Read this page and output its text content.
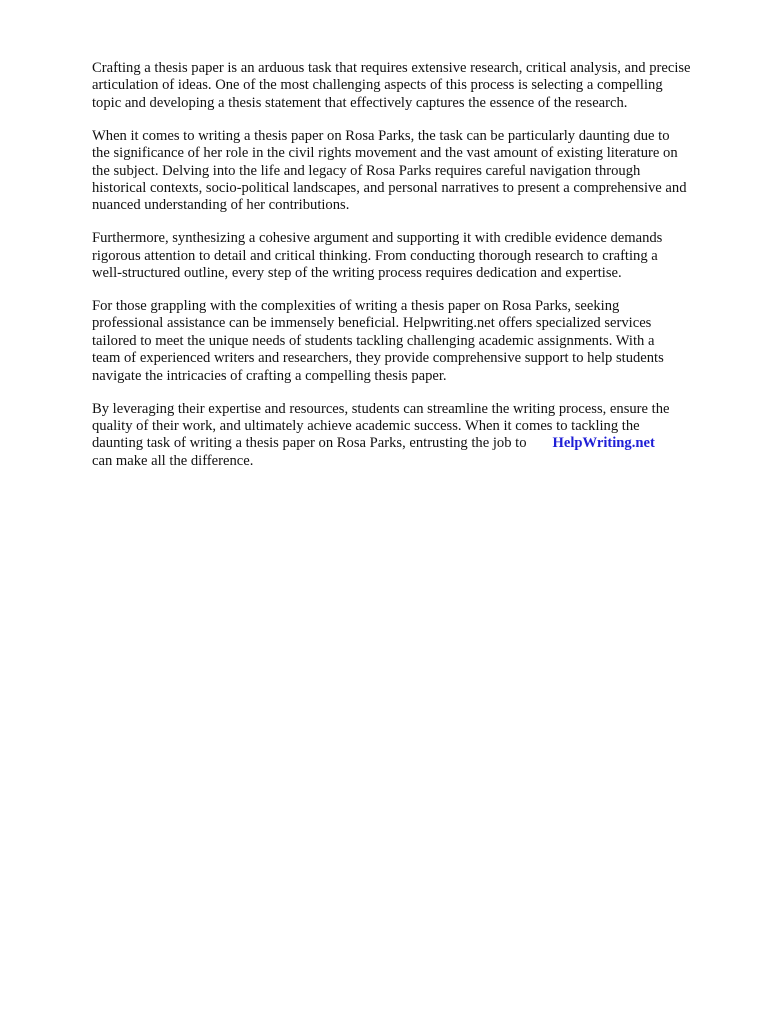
Crafting a thesis paper is an arduous task that requires extensive research, critical analysis, and precise
articulation of ideas. One of the most challenging aspects of this process is selecting a compelling
topic and developing a thesis statement that effectively captures the essence of the research.

When it comes to writing a thesis paper on Rosa Parks, the task can be particularly daunting due to
the significance of her role in the civil rights movement and the vast amount of existing literature on
the subject. Delving into the life and legacy of Rosa Parks requires careful navigation through
historical contexts, socio-political landscapes, and personal narratives to present a comprehensive and
nuanced understanding of her contributions.

Furthermore, synthesizing a cohesive argument and supporting it with credible evidence demands
rigorous attention to detail and critical thinking. From conducting thorough research to crafting a
well-structured outline, every step of the writing process requires dedication and expertise.

For those grappling with the complexities of writing a thesis paper on Rosa Parks, seeking
professional assistance can be immensely beneficial. Helpwriting.net offers specialized services
tailored to meet the unique needs of students tackling challenging academic assignments. With a
team of experienced writers and researchers, they provide comprehensive support to help students
navigate the intricacies of crafting a compelling thesis paper.

By leveraging their expertise and resources, students can streamline the writing process, ensure the
quality of their work, and ultimately achieve academic success. When it comes to tackling the
daunting task of writing a thesis paper on Rosa Parks, entrusting the job to HelpWriting.net
can make all the difference.
